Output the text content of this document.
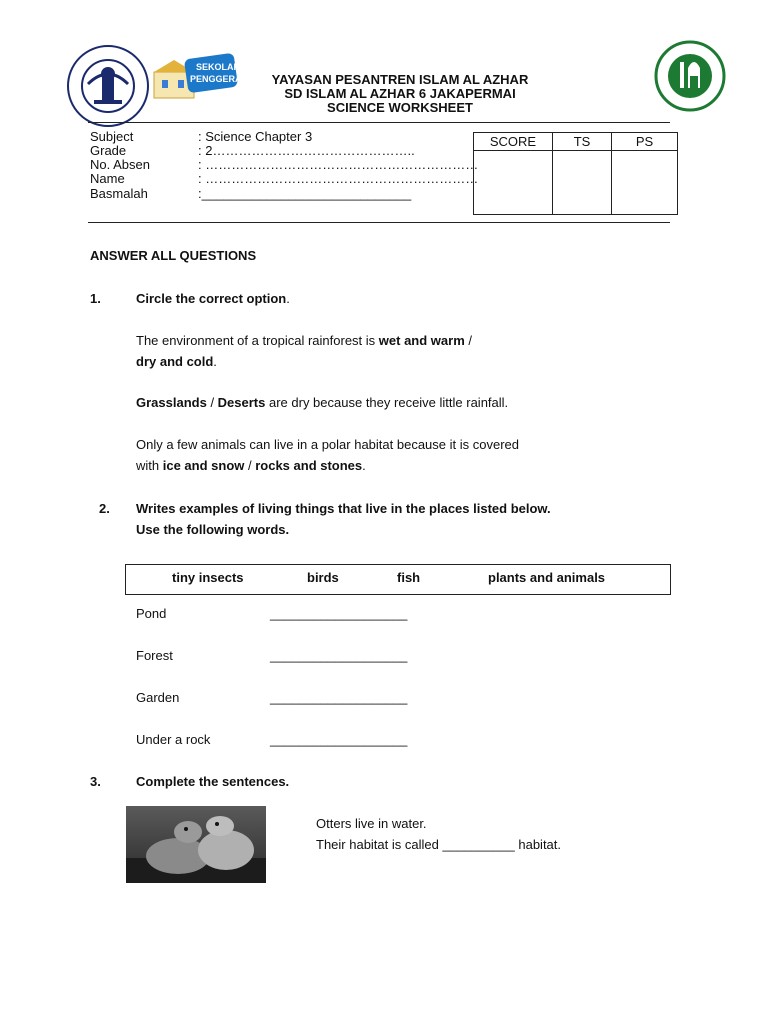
SEKOLAH
PENGGERAK	YAYASAN PESANTREN ISLAM AL AZHAR
SD ISLAM AL AZHAR 6 JAKAPERMAI
SCIENCE WORKSHEET
Subject	: Science Chapter 3
Grade	: 2………………………………………..
No. Absen	: ………………………………………………………
Name	: ………………………………………………………
Basmalah	:_____________________________
SCORE	TS	PS

ANSWER ALL QUESTIONS
1.	Circle the correct option.
The environment of a tropical rainforest is wet and warm /
dry and cold.
Grasslands / Deserts are dry because they receive little rainfall.
Only a few animals can live in a polar habitat because it is covered
with ice and snow / rocks and stones.
2. Writes examples of living things that live in the places listed below.
Use the following words.
tiny insects	birds	fish	plants and animals
Pond	___________________
Forest	___________________
Garden	___________________
Under a rock	___________________
3.	Complete the sentences.
Otters live in water.
Their habitat is called __________ habitat.
